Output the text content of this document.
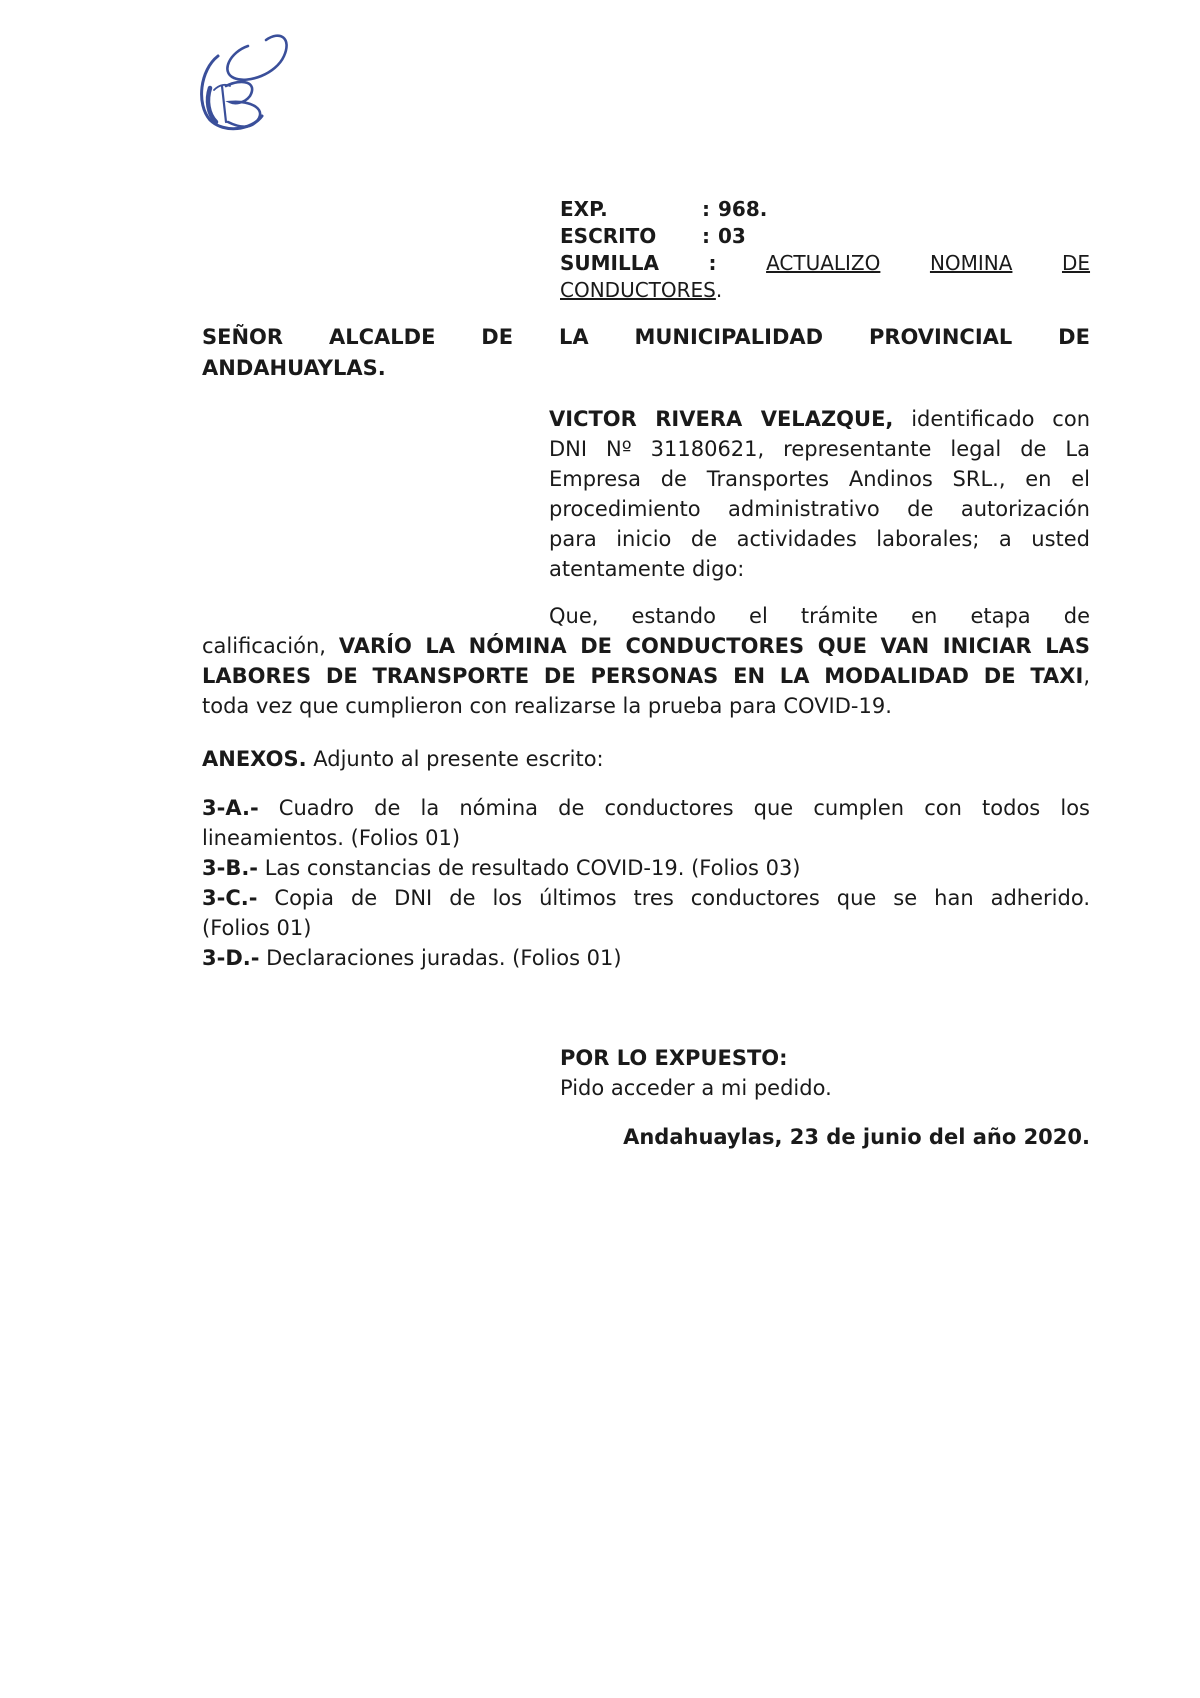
EXP.	: 968.
ESCRITO	: 03
SUMILLA : ACTUALIZO NOMINA DE
CONDUCTORES.
SEÑOR ALCALDE DE LA MUNICIPALIDAD PROVINCIAL DE
ANDAHUAYLAS.
VICTOR RIVERA VELAZQUE, identificado con
DNI Nº 31180621, representante legal de La
Empresa de Transportes Andinos SRL., en el
procedimiento administrativo de autorización
para inicio de actividades laborales; a usted
atentamente digo:
Que, estando el trámite en etapa de
calificación, VARÍO LA NÓMINA DE CONDUCTORES QUE VAN INICIAR LAS
LABORES DE TRANSPORTE DE PERSONAS EN LA MODALIDAD DE TAXI,
toda vez que cumplieron con realizarse la prueba para COVID-19.
ANEXOS. Adjunto al presente escrito:
3-A.- Cuadro de la nómina de conductores que cumplen con todos los
lineamientos. (Folios 01)
3-B.- Las constancias de resultado COVID-19. (Folios 03)
3-C.- Copia de DNI de los últimos tres conductores que se han adherido.
(Folios 01)
3-D.- Declaraciones juradas. (Folios 01)
POR LO EXPUESTO:
Pido acceder a mi pedido.
Andahuaylas, 23 de junio del año 2020.
